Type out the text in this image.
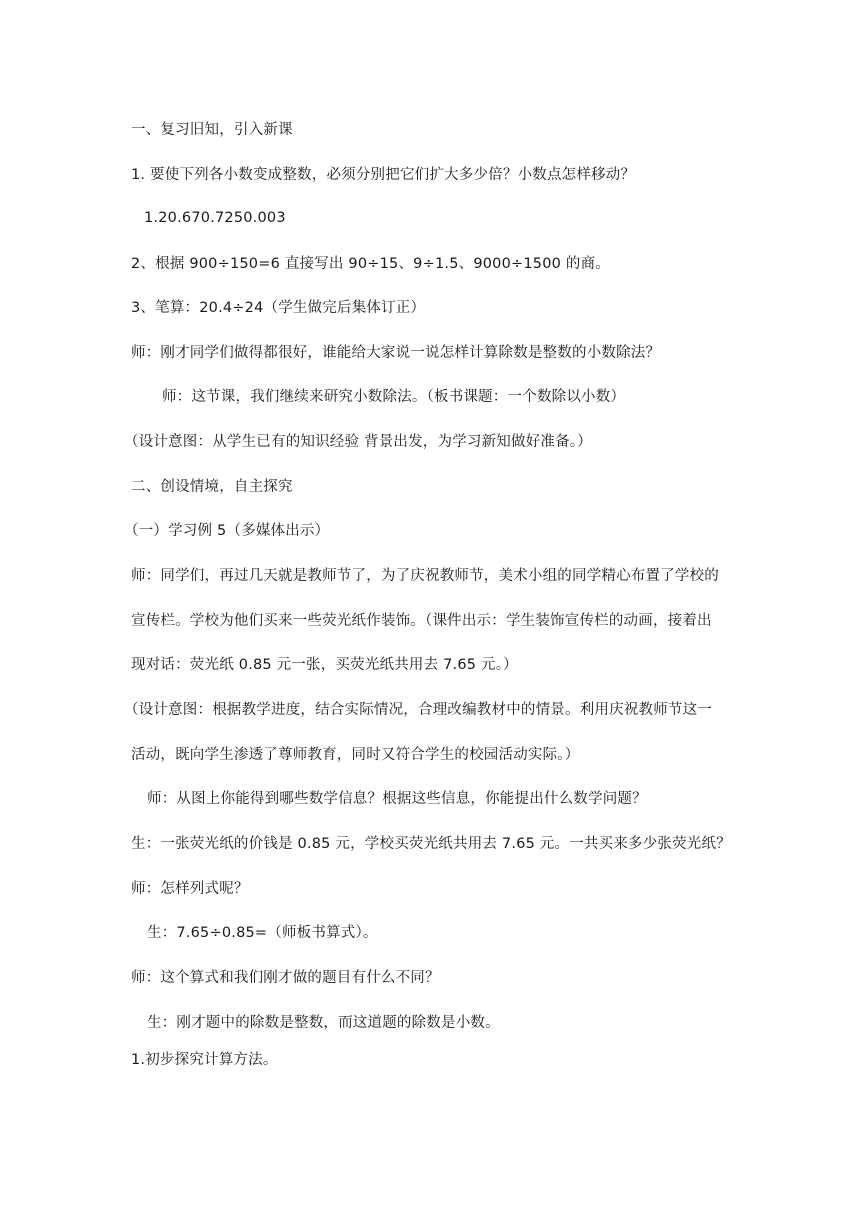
一、复习旧知，引入新课
1. 要使下列各小数变成整数，必须分别把它们扩大多少倍？小数点怎样移动？
1.20.670.7250.003
2、根据 900÷150=6 直接写出 90÷15、9÷1.5、9000÷1500 的商。
3、笔算：20.4÷24（学生做完后集体订正）
师：刚才同学们做得都很好，谁能给大家说一说怎样计算除数是整数的小数除法？
师：这节课，我们继续来研究小数除法。（板书课题：一个数除以小数）
（设计意图：从学生已有的知识经验 背景出发，为学习新知做好准备。）
二、创设情境，自主探究
（一）学习例 5（多媒体出示）
师：同学们，再过几天就是教师节了，为了庆祝教师节，美术小组的同学精心布置了学校的
宣传栏。学校为他们买来一些荧光纸作装饰。（课件出示：学生装饰宣传栏的动画，接着出
现对话：荧光纸 0.85 元一张，买荧光纸共用去 7.65 元。）
（设计意图：根据教学进度，结合实际情况，合理改编教材中的情景。利用庆祝教师节这一
活动，既向学生渗透了尊师教育，同时又符合学生的校园活动实际。）
师：从图上你能得到哪些数学信息？根据这些信息，你能提出什么数学问题？
生：一张荧光纸的价钱是 0.85 元，学校买荧光纸共用去 7.65 元。一共买来多少张荧光纸？
师：怎样列式呢？
生：7.65÷0.85=（师板书算式）。
师：这个算式和我们刚才做的题目有什么不同？
生：刚才题中的除数是整数，而这道题的除数是小数。
1.初步探究计算方法。
